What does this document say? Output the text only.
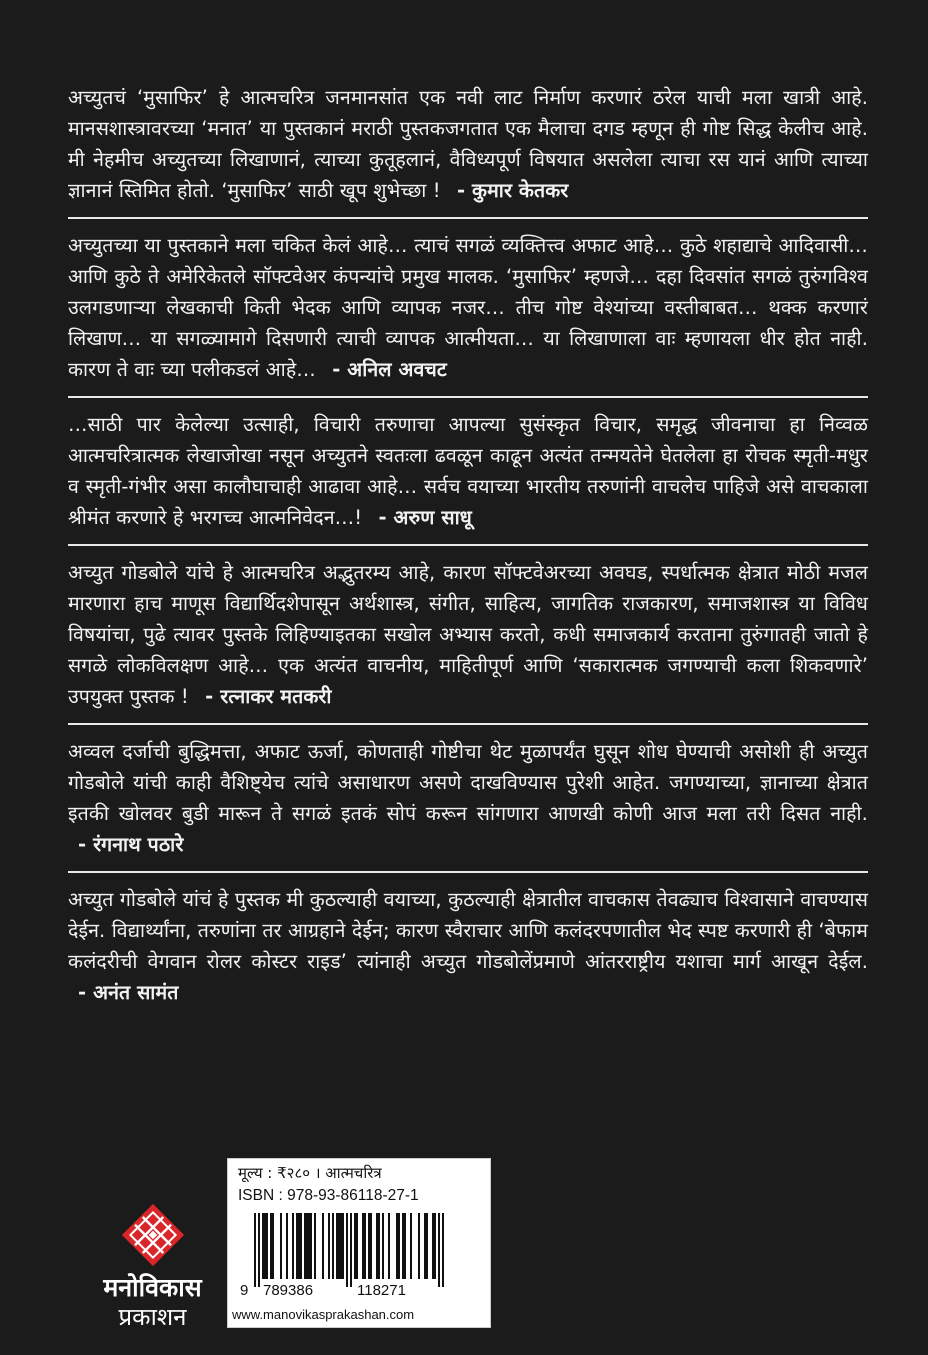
अच्युतचं ‘मुसाफिर’ हे आत्मचरित्र जनमानसांत एक नवी लाट निर्माण करणारं ठरेल याची मला खात्री आहे. मानसशास्त्रावरच्या ‘मनात’ या पुस्तकानं मराठी पुस्तकजगतात एक मैलाचा दगड म्हणून ही गोष्ट सिद्ध केलीच आहे. मी नेहमीच अच्युतच्या लिखाणानं, त्याच्या कुतूहलानं, वैविध्यपूर्ण विषयात असलेला त्याचा रस यानं आणि त्याच्या ज्ञानानं स्तिमित होतो. ‘मुसाफिर’ साठी खूप शुभेच्छा ! - कुमार केतकर
अच्युतच्या या पुस्तकाने मला चकित केलं आहे… त्याचं सगळं व्यक्तित्त्व अफाट आहे… कुठे शहाद्याचे आदिवासी… आणि कुठे ते अमेरिकेतले सॉफ्टवेअर कंपन्यांचे प्रमुख मालक. ‘मुसाफिर’ म्हणजे… दहा दिवसांत सगळं तुरुंगविश्व उलगडणाऱ्या लेखकाची किती भेदक आणि व्यापक नजर… तीच गोष्ट वेश्यांच्या वस्तीबाबत… थक्क करणारं लिखाण… या सगळ्यामागे दिसणारी त्याची व्यापक आत्मीयता… या लिखाणाला वाः म्हणायला धीर होत नाही. कारण ते वाः च्या पलीकडलं आहे… - अनिल अवचट
…साठी पार केलेल्या उत्साही, विचारी तरुणाचा आपल्या सुसंस्कृत विचार, समृद्ध जीवनाचा हा निव्वळ आत्मचरित्रात्मक लेखाजोखा नसून अच्युतने स्वतःला ढवळून काढून अत्यंत तन्मयतेने घेतलेला हा रोचक स्मृती-मधुर व स्मृती-गंभीर असा कालौघाचाही आढावा आहे… सर्वच वयाच्या भारतीय तरुणांनी वाचलेच पाहिजे असे वाचकाला श्रीमंत करणारे हे भरगच्च आत्मनिवेदन…! - अरुण साधू
अच्युत गोडबोले यांचे हे आत्मचरित्र अद्भुतरम्य आहे, कारण सॉफ्टवेअरच्या अवघड, स्पर्धात्मक क्षेत्रात मोठी मजल मारणारा हाच माणूस विद्यार्थिदशेपासून अर्थशास्त्र, संगीत, साहित्य, जागतिक राजकारण, समाजशास्त्र या विविध विषयांचा, पुढे त्यावर पुस्तके लिहिण्याइतका सखोल अभ्यास करतो, कधी समाजकार्य करताना तुरुंगातही जातो हे सगळे लोकविलक्षण आहे… एक अत्यंत वाचनीय, माहितीपूर्ण आणि ‘सकारात्मक जगण्याची कला शिकवणारे’ उपयुक्त पुस्तक ! - रत्नाकर मतकरी
अव्वल दर्जाची बुद्धिमत्ता, अफाट ऊर्जा, कोणताही गोष्टीचा थेट मुळापर्यंत घुसून शोध घेण्याची असोशी ही अच्युत गोडबोले यांची काही वैशिष्ट्येच त्यांचे असाधारण असणे दाखविण्यास पुरेशी आहेत. जगण्याच्या, ज्ञानाच्या क्षेत्रात इतकी खोलवर बुडी मारून ते सगळं इतकं सोपं करून सांगणारा आणखी कोणी आज मला तरी दिसत नाही. - रंगनाथ पठारे
अच्युत गोडबोले यांचं हे पुस्तक मी कुठल्याही वयाच्या, कुठल्याही क्षेत्रातील वाचकास तेवढ्याच विश्वासाने वाचण्यास देईन. विद्यार्थ्यांना, तरुणांना तर आग्रहाने देईन; कारण स्वैराचार आणि कलंदरपणातील भेद स्पष्ट करणारी ही ‘बेफाम कलंदरीची वेगवान रोलर कोस्टर राइड’ त्यांनाही अच्युत गोडबोलेंप्रमाणे आंतरराष्ट्रीय यशाचा मार्ग आखून देईल. - अनंत सामंत
मनोविकास
प्रकाशन
मूल्य : ₹२८० । आत्मचरित्र
ISBN : 978-93-86118-27-1
9 789386	118271
www.manovikasprakashan.com
